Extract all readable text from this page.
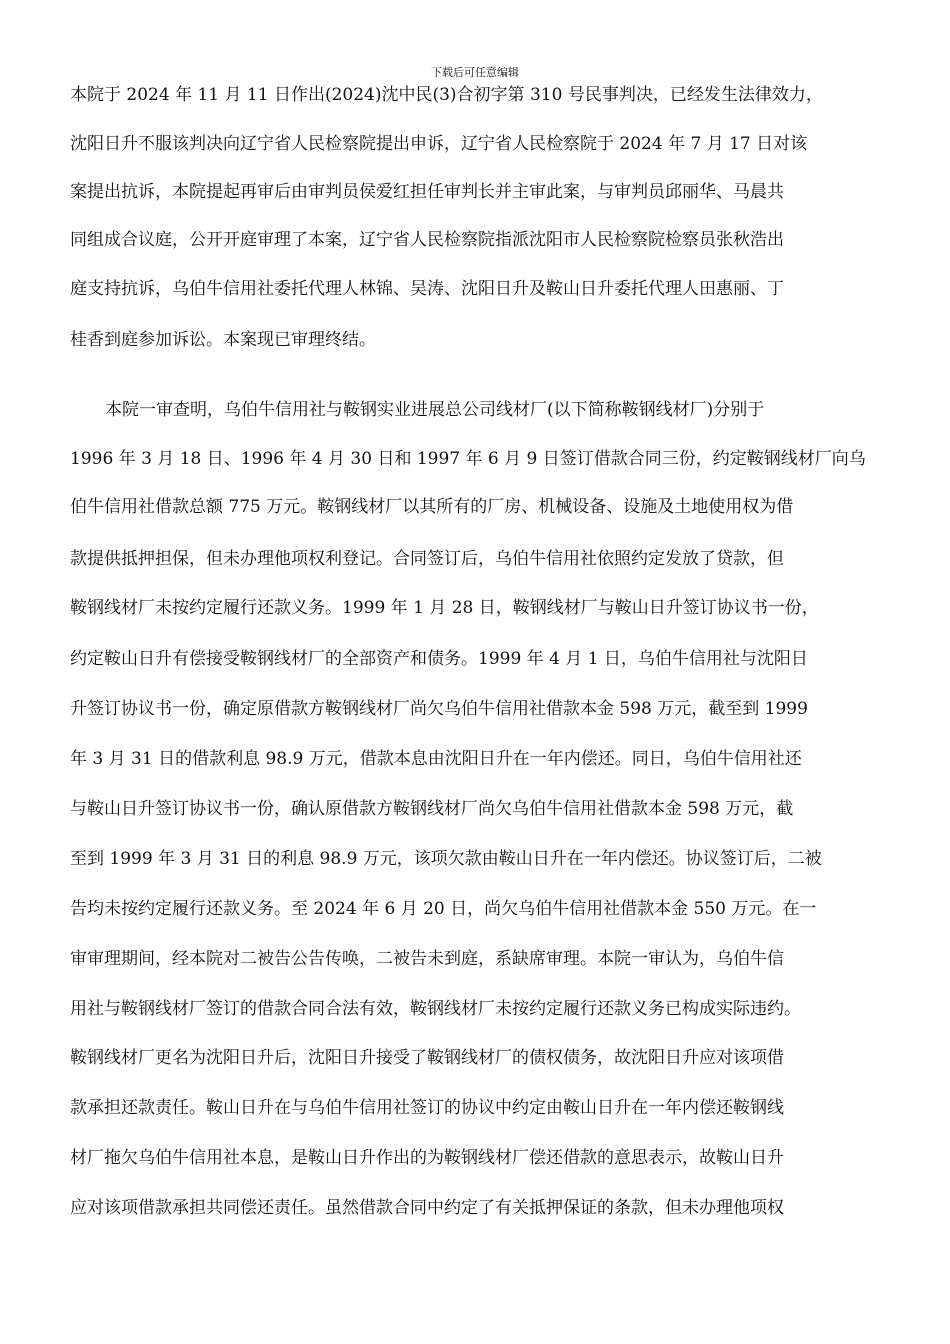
下载后可任意编辑
本院于 2024 年 11 月 11 日作出(2024)沈中民(3)合初字第 310 号民事判决，已经发生法律效力，
沈阳日升不服该判决向辽宁省人民检察院提出申诉，辽宁省人民检察院于 2024 年 7 月 17 日对该
案提出抗诉，本院提起再审后由审判员侯爱红担任审判长并主审此案，与审判员邱丽华、马晨共
同组成合议庭，公开开庭审理了本案，辽宁省人民检察院指派沈阳市人民检察院检察员张秋浩出
庭支持抗诉，乌伯牛信用社委托代理人林锦、吴涛、沈阳日升及鞍山日升委托代理人田惠丽、丁
桂香到庭参加诉讼。本案现已审理终结。
本院一审查明，乌伯牛信用社与鞍钢实业进展总公司线材厂(以下简称鞍钢线材厂)分别于
1996 年 3 月 18 日、1996 年 4 月 30 日和 1997 年 6 月 9 日签订借款合同三份，约定鞍钢线材厂向乌
伯牛信用社借款总额 775 万元。鞍钢线材厂以其所有的厂房、机械设备、设施及土地使用权为借
款提供抵押担保，但未办理他项权利登记。合同签订后，乌伯牛信用社依照约定发放了贷款，但
鞍钢线材厂未按约定履行还款义务。1999 年 1 月 28 日，鞍钢线材厂与鞍山日升签订协议书一份，
约定鞍山日升有偿接受鞍钢线材厂的全部资产和债务。1999 年 4 月 1 日，乌伯牛信用社与沈阳日
升签订协议书一份，确定原借款方鞍钢线材厂尚欠乌伯牛信用社借款本金 598 万元，截至到 1999
年 3 月 31 日的借款利息 98.9 万元，借款本息由沈阳日升在一年内偿还。同日，乌伯牛信用社还
与鞍山日升签订协议书一份，确认原借款方鞍钢线材厂尚欠乌伯牛信用社借款本金 598 万元，截
至到 1999 年 3 月 31 日的利息 98.9 万元，该项欠款由鞍山日升在一年内偿还。协议签订后，二被
告均未按约定履行还款义务。至 2024 年 6 月 20 日，尚欠乌伯牛信用社借款本金 550 万元。在一
审审理期间，经本院对二被告公告传唤，二被告未到庭，系缺席审理。本院一审认为，乌伯牛信
用社与鞍钢线材厂签订的借款合同合法有效，鞍钢线材厂未按约定履行还款义务已构成实际违约。
鞍钢线材厂更名为沈阳日升后，沈阳日升接受了鞍钢线材厂的债权债务，故沈阳日升应对该项借
款承担还款责任。鞍山日升在与乌伯牛信用社签订的协议中约定由鞍山日升在一年内偿还鞍钢线
材厂拖欠乌伯牛信用社本息，是鞍山日升作出的为鞍钢线材厂偿还借款的意思表示，故鞍山日升
应对该项借款承担共同偿还责任。虽然借款合同中约定了有关抵押保证的条款，但未办理他项权
